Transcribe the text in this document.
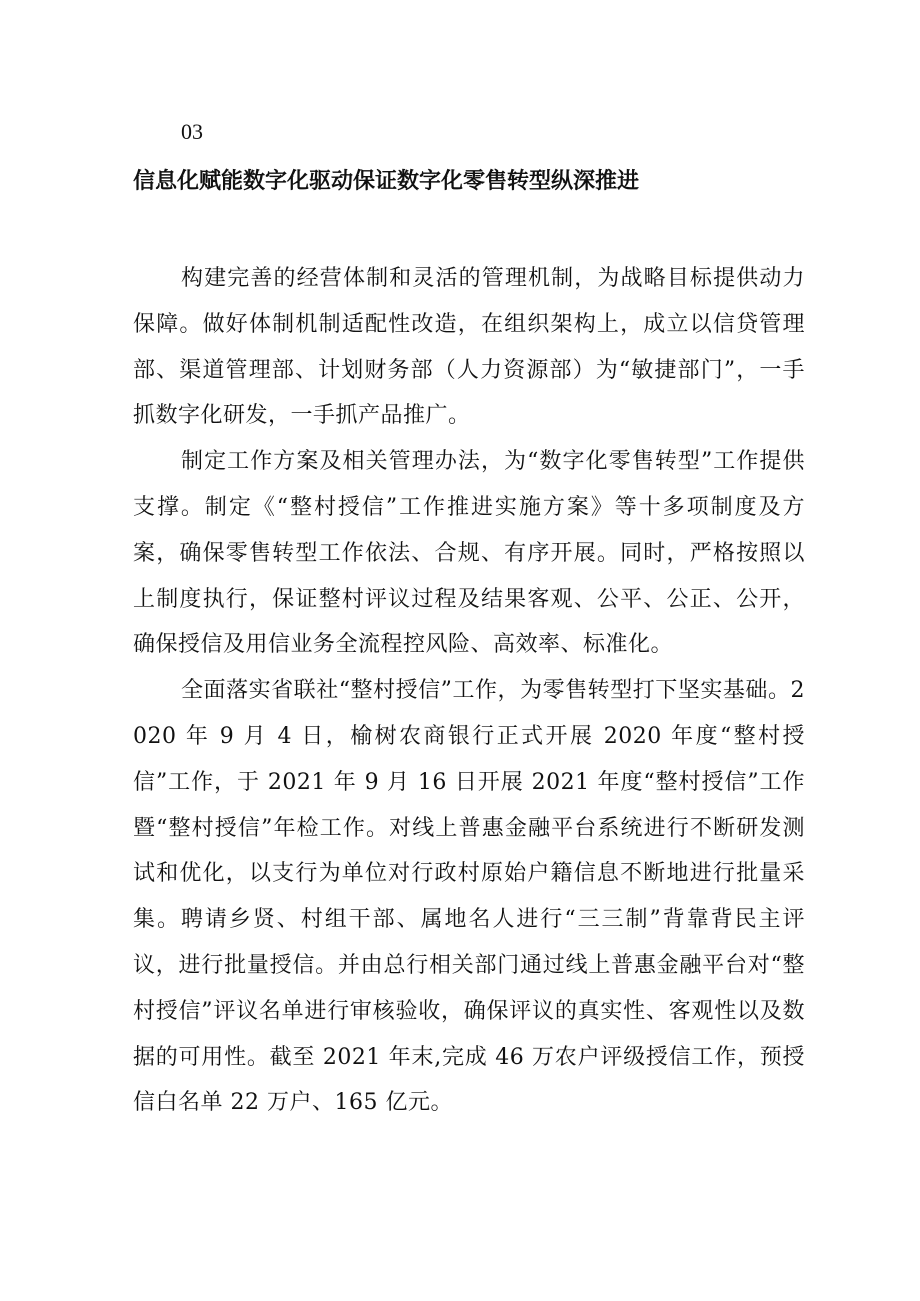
03
信息化赋能数字化驱动保证数字化零售转型纵深推进

构建完善的经营体制和灵活的管理机制，为战略目标提供动力保障。做好体制机制适配性改造，在组织架构上，成立以信贷管理部、渠道管理部、计划财务部（人力资源部）为“敏捷部门”，一手抓数字化研发，一手抓产品推广。

制定工作方案及相关管理办法，为“数字化零售转型”工作提供支撑。制定《“整村授信”工作推进实施方案》等十多项制度及方案，确保零售转型工作依法、合规、有序开展。同时，严格按照以上制度执行，保证整村评议过程及结果客观、公平、公正、公开，确保授信及用信业务全流程控风险、高效率、标准化。

全面落实省联社“整村授信”工作，为零售转型打下坚实基础。2020 年 9 月 4 日，榆树农商银行正式开展 2020 年度“整村授信”工作，于 2021 年 9 月 16 日开展 2021 年度“整村授信”工作暨“整村授信”年检工作。对线上普惠金融平台系统进行不断研发测试和优化，以支行为单位对行政村原始户籍信息不断地进行批量采集。聘请乡贤、村组干部、属地名人进行“三三制”背靠背民主评议，进行批量授信。并由总行相关部门通过线上普惠金融平台对“整村授信”评议名单进行审核验收，确保评议的真实性、客观性以及数据的可用性。截至 2021 年末,完成 46 万农户评级授信工作，预授信白名单 22 万户、165 亿元。
